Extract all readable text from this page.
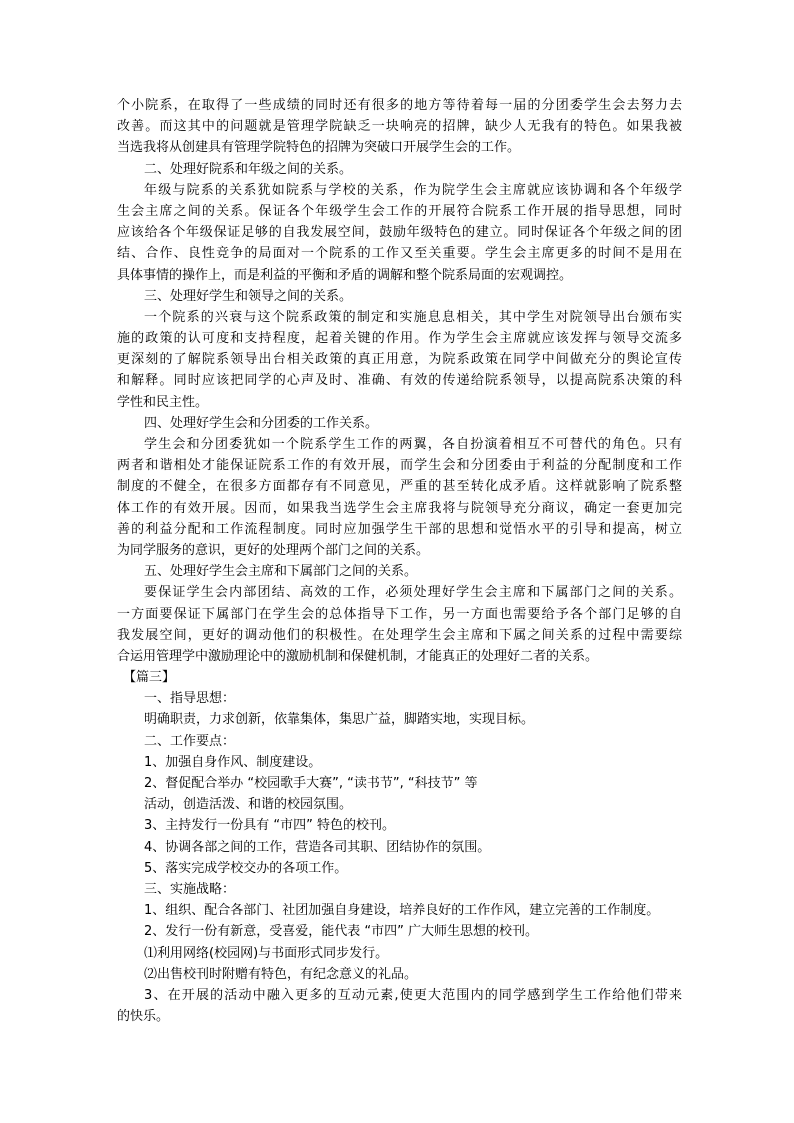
个小院系，在取得了一些成绩的同时还有很多的地方等待着每一届的分团委学生会去努力去
改善。而这其中的问题就是管理学院缺乏一块响亮的招牌，缺少人无我有的特色。如果我被
当选我将从创建具有管理学院特色的招牌为突破口开展学生会的工作。
二、处理好院系和年级之间的关系。
年级与院系的关系犹如院系与学校的关系，作为院学生会主席就应该协调和各个年级学
生会主席之间的关系。保证各个年级学生会工作的开展符合院系工作开展的指导思想，同时
应该给各个年级保证足够的自我发展空间，鼓励年级特色的建立。同时保证各个年级之间的团
结、合作、良性竞争的局面对一个院系的工作又至关重要。学生会主席更多的时间不是用在
具体事情的操作上，而是利益的平衡和矛盾的调解和整个院系局面的宏观调控。
三、处理好学生和领导之间的关系。
一个院系的兴衰与这个院系政策的制定和实施息息相关，其中学生对院领导出台颁布实
施的政策的认可度和支持程度，起着关键的作用。作为学生会主席就应该发挥与领导交流多
更深刻的了解院系领导出台相关政策的真正用意，为院系政策在同学中间做充分的舆论宣传
和解释。同时应该把同学的心声及时、准确、有效的传递给院系领导，以提高院系决策的科
学性和民主性。
四、处理好学生会和分团委的工作关系。
学生会和分团委犹如一个院系学生工作的两翼，各自扮演着相互不可替代的角色。只有
两者和谐相处才能保证院系工作的有效开展，而学生会和分团委由于利益的分配制度和工作
制度的不健全，在很多方面都存有不同意见，严重的甚至转化成矛盾。这样就影响了院系整
体工作的有效开展。因而，如果我当选学生会主席我将与院领导充分商议，确定一套更加完
善的利益分配和工作流程制度。同时应加强学生干部的思想和觉悟水平的引导和提高，树立
为同学服务的意识，更好的处理两个部门之间的关系。
五、处理好学生会主席和下属部门之间的关系。
要保证学生会内部团结、高效的工作，必须处理好学生会主席和下属部门之间的关系。
一方面要保证下属部门在学生会的总体指导下工作，另一方面也需要给予各个部门足够的自
我发展空间，更好的调动他们的积极性。在处理学生会主席和下属之间关系的过程中需要综
合运用管理学中激励理论中的激励机制和保健机制，才能真正的处理好二者的关系。
【篇三】
一、指导思想：
明确职责，力求创新，依靠集体，集思广益，脚踏实地，实现目标。
二、工作要点：
1、加强自身作风、制度建设。
2、督促配合举办 “校园歌手大赛”, “读书节”, “科技节” 等
活动，创造活泼、和谐的校园氛围。
3、主持发行一份具有 “市四” 特色的校刊。
4、协调各部之间的工作，营造各司其职、团结协作的氛围。
5、落实完成学校交办的各项工作。
三、实施战略：
1、组织、配合各部门、社团加强自身建设，培养良好的工作作风，建立完善的工作制度。
2、发行一份有新意，受喜爱，能代表 “市四” 广大师生思想的校刊。
⑴利用网络(校园网)与书面形式同步发行。
⑵出售校刊时附赠有特色，有纪念意义的礼品。
3、在开展的活动中融入更多的互动元素,使更大范围内的同学感到学生工作给他们带来
的快乐。
